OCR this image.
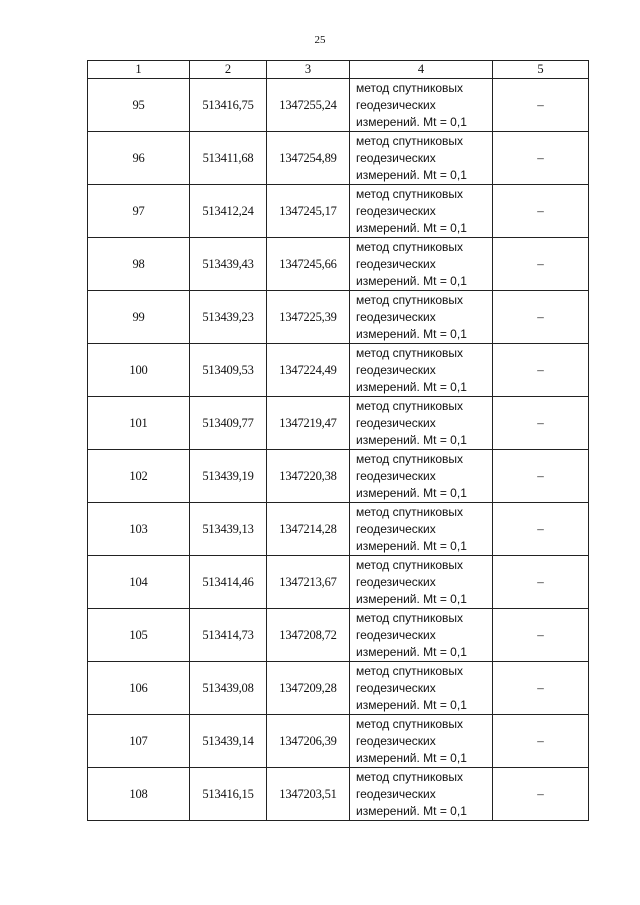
25
1	2	3	4	5
95	513416,75	1347255,24	метод спутниковых
геодезических
измерений. Mt = 0,1	–
96	513411,68	1347254,89	метод спутниковых
геодезических
измерений. Mt = 0,1	–
97	513412,24	1347245,17	метод спутниковых
геодезических
измерений. Mt = 0,1	–
98	513439,43	1347245,66	метод спутниковых
геодезических
измерений. Mt = 0,1	–
99	513439,23	1347225,39	метод спутниковых
геодезических
измерений. Mt = 0,1	–
100	513409,53	1347224,49	метод спутниковых
геодезических
измерений. Mt = 0,1	–
101	513409,77	1347219,47	метод спутниковых
геодезических
измерений. Mt = 0,1	–
102	513439,19	1347220,38	метод спутниковых
геодезических
измерений. Mt = 0,1	–
103	513439,13	1347214,28	метод спутниковых
геодезических
измерений. Mt = 0,1	–
104	513414,46	1347213,67	метод спутниковых
геодезических
измерений. Mt = 0,1	–
105	513414,73	1347208,72	метод спутниковых
геодезических
измерений. Mt = 0,1	–
106	513439,08	1347209,28	метод спутниковых
геодезических
измерений. Mt = 0,1	–
107	513439,14	1347206,39	метод спутниковых
геодезических
измерений. Mt = 0,1	–
108	513416,15	1347203,51	метод спутниковых
геодезических
измерений. Mt = 0,1	–
